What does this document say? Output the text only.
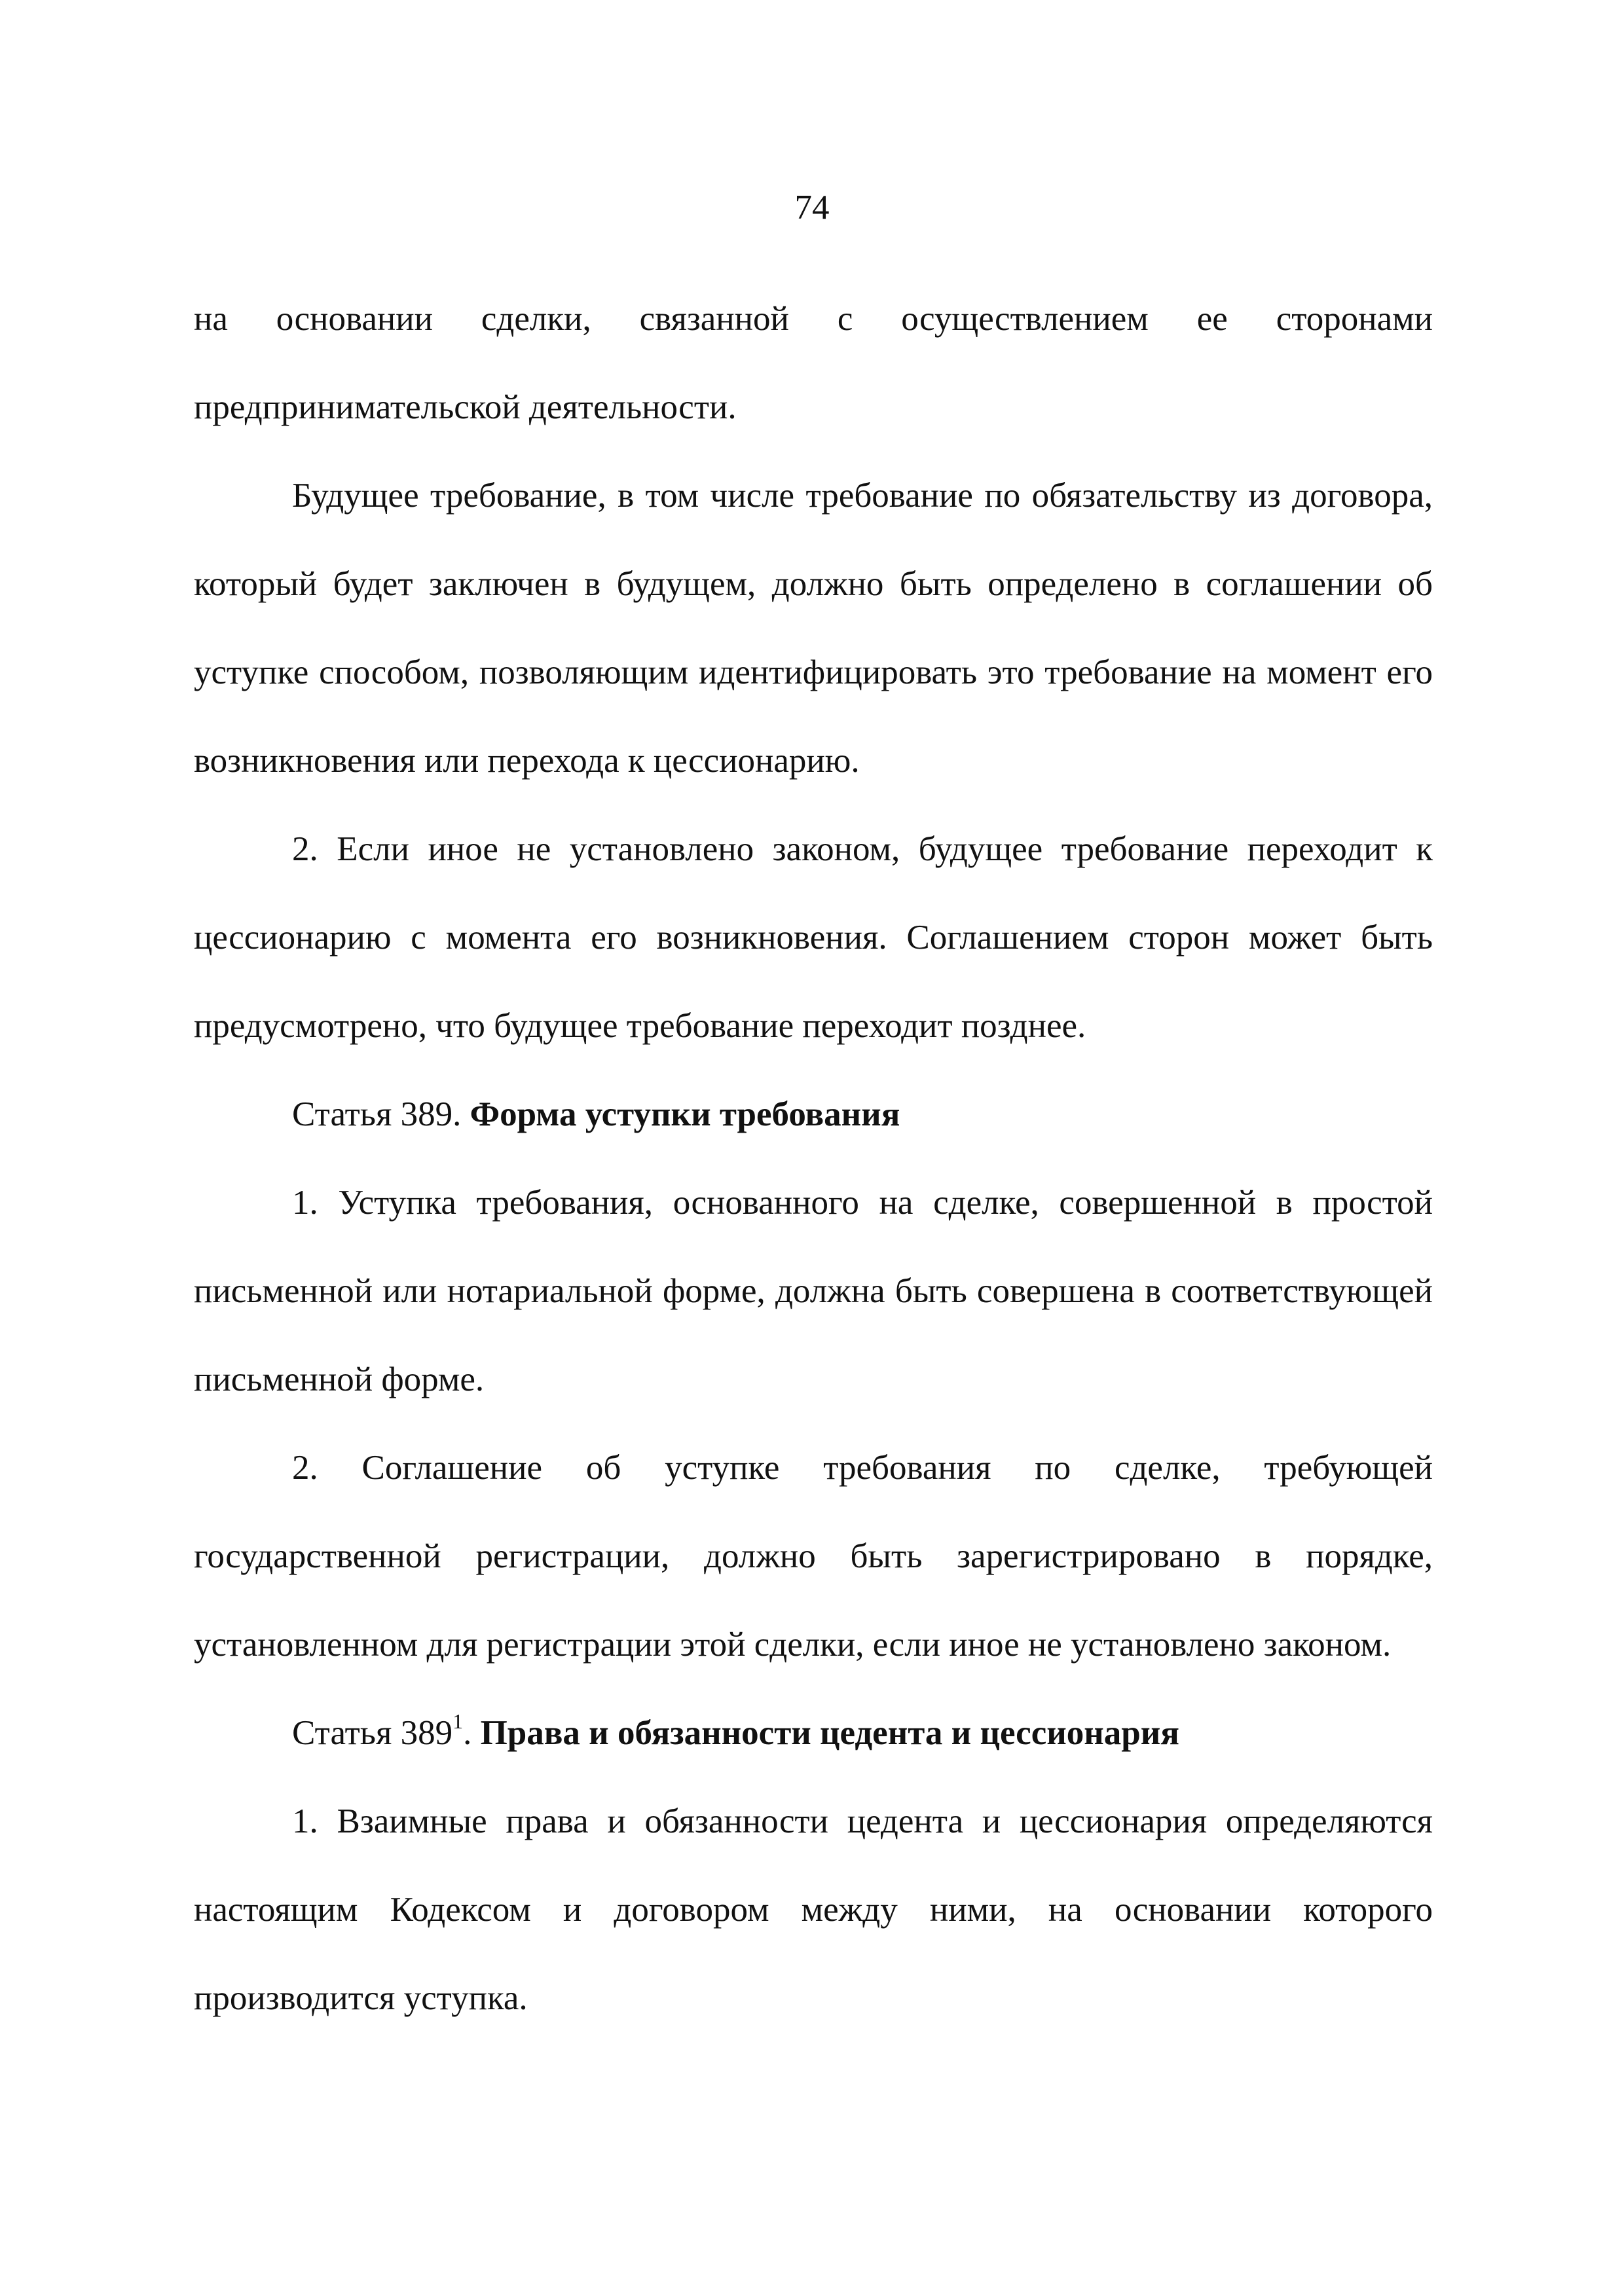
74

на основании сделки, связанной с осуществлением ее сторонами предпринимательской деятельности.

Будущее требование, в том числе требование по обязательству из договора, который будет заключен в будущем, должно быть определено в соглашении об уступке способом, позволяющим идентифицировать это требование на момент его возникновения или перехода к цессионарию.

2. Если иное не установлено законом, будущее требование переходит к цессионарию с момента его возникновения. Соглашением сторон может быть предусмотрено, что будущее требование переходит позднее.

Статья 389. Форма уступки требования

1. Уступка требования, основанного на сделке, совершенной в простой письменной или нотариальной форме, должна быть совершена в соответствующей письменной форме.

2. Соглашение об уступке требования по сделке, требующей государственной регистрации, должно быть зарегистрировано в порядке, установленном для регистрации этой сделки, если иное не установлено законом.

Статья $389^1$. Права и обязанности цедента и цессионария

1. Взаимные права и обязанности цедента и цессионария определяются настоящим Кодексом и договором между ними, на основании которого производится уступка.
